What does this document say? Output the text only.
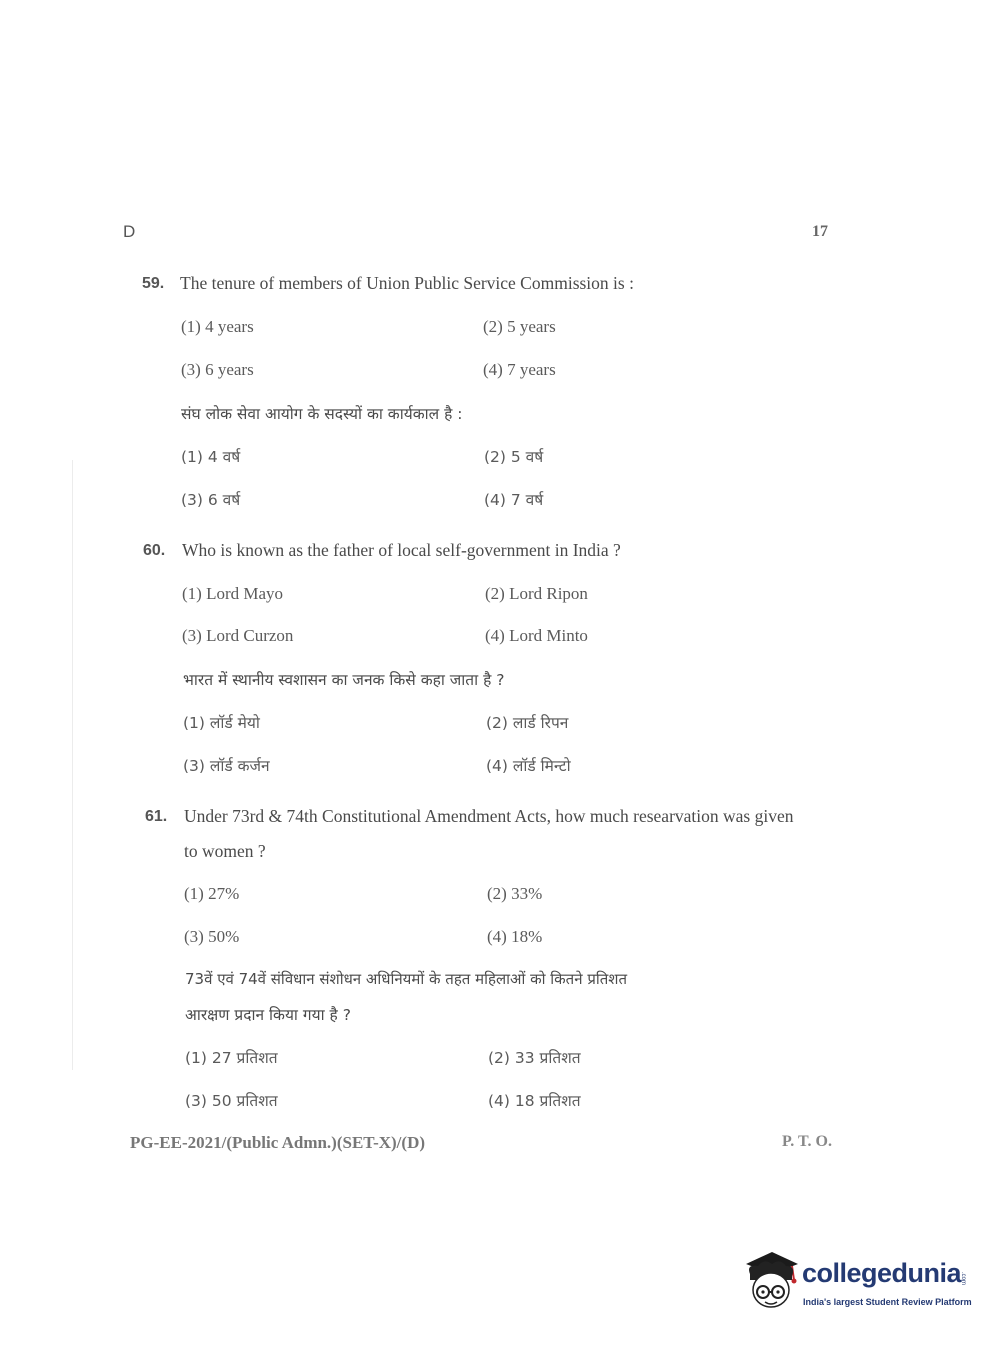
D	17
59. The tenure of members of Union Public Service Commission is :
(1) 4 years	(2) 5 years
(3) 6 years	(4) 7 years
संघ लोक सेवा आयोग के सदस्यों का कार्यकाल है :
(1) 4 वर्ष	(2) 5 वर्ष
(3) 6 वर्ष	(4) 7 वर्ष
60. Who is known as the father of local self-government in India ?
(1) Lord Mayo	(2) Lord Ripon
(3) Lord Curzon	(4) Lord Minto
भारत में स्थानीय स्वशासन का जनक किसे कहा जाता है ?
(1) लॉर्ड मेयो	(2) लार्ड रिपन
(3) लॉर्ड कर्जन	(4) लॉर्ड मिन्टो
61. Under 73rd & 74th Constitutional Amendment Acts, how much researvation was given
to women ?
(1) 27%	(2) 33%
(3) 50%	(4) 18%
73वें एवं 74वें संविधान संशोधन अधिनियमों के तहत महिलाओं को कितने प्रतिशत
आरक्षण प्रदान किया गया है ?
(1) 27 प्रतिशत	(2) 33 प्रतिशत
(3) 50 प्रतिशत	(4) 18 प्रतिशत
PG-EE-2021/(Public Admn.)(SET-X)/(D)	P. T. O.
collegedunia
.com
India's largest Student Review Platform
